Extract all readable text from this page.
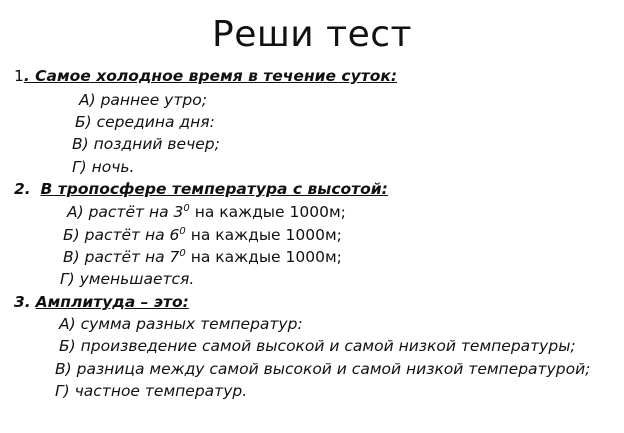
Реши тест
1. Самое холодное время в течение суток:
А) раннее утро;
Б) середина дня:
В) поздний вечер;
Г) ночь.
2. В тропосфере температура с высотой:
А) растёт на $3^0$ на каждые 1000м;
Б) растёт на $6^0$ на каждые 1000м;
В) растёт на $7^0$ на каждые 1000м;
Г) уменьшается.
3. Амплитуда – это:
А) сумма разных температур:
Б) произведение самой высокой и самой низкой температуры;
В) разница между самой высокой и самой низкой температурой;
Г) частное температур.
